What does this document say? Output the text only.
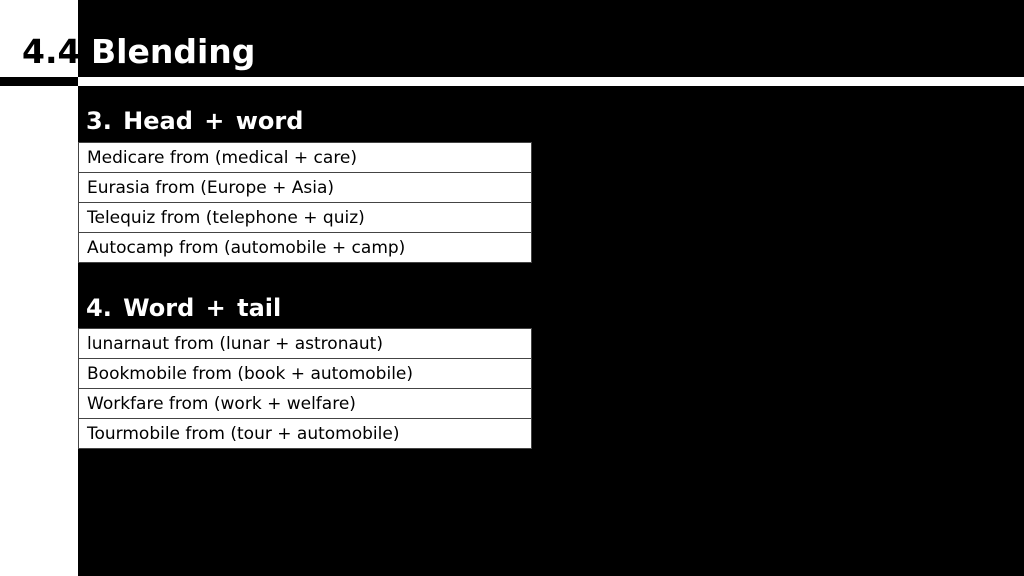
4.4 Blending
3. Head + word
Medicare from (medical + care)
Eurasia from (Europe + Asia)
Telequiz from (telephone + quiz)
Autocamp from (automobile + camp)
4. Word + tail
lunarnaut from (lunar + astronaut)
Bookmobile from (book + automobile)
Workfare from (work + welfare)
Tourmobile from (tour + automobile)
